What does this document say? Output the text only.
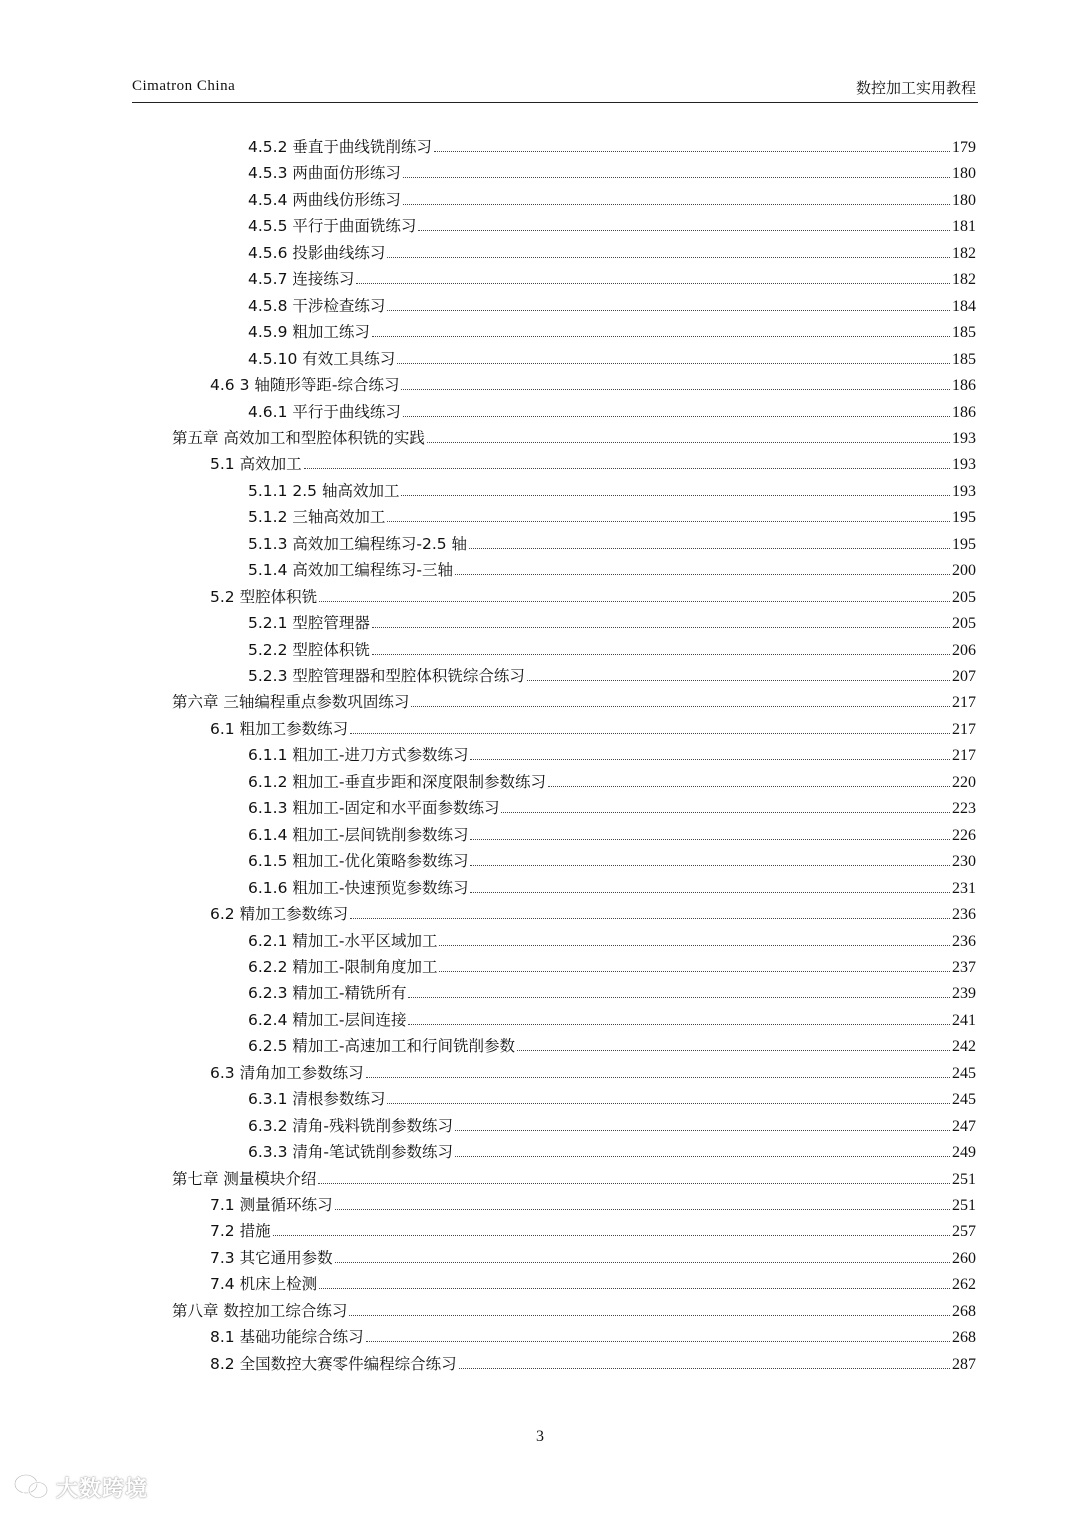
Cimatron China	数控加工实用教程
4.5.2 垂直于曲线铣削练习	179
4.5.3 两曲面仿形练习	180
4.5.4 两曲线仿形练习	180
4.5.5 平行于曲面铣练习	181
4.5.6 投影曲线练习	182
4.5.7 连接练习	182
4.5.8 干涉检查练习	184
4.5.9 粗加工练习	185
4.5.10 有效工具练习	185
4.6 3 轴随形等距-综合练习	186
4.6.1 平行于曲线练习	186
第五章 高效加工和型腔体积铣的实践	193
5.1 高效加工	193
5.1.1 2.5 轴高效加工	193
5.1.2 三轴高效加工	195
5.1.3 高效加工编程练习-2.5 轴	195
5.1.4 高效加工编程练习-三轴	200
5.2 型腔体积铣	205
5.2.1 型腔管理器	205
5.2.2 型腔体积铣	206
5.2.3 型腔管理器和型腔体积铣综合练习	207
第六章 三轴编程重点参数巩固练习	217
6.1 粗加工参数练习	217
6.1.1 粗加工-进刀方式参数练习	217
6.1.2 粗加工-垂直步距和深度限制参数练习	220
6.1.3 粗加工-固定和水平面参数练习	223
6.1.4 粗加工-层间铣削参数练习	226
6.1.5 粗加工-优化策略参数练习	230
6.1.6 粗加工-快速预览参数练习	231
6.2 精加工参数练习	236
6.2.1 精加工-水平区域加工	236
6.2.2 精加工-限制角度加工	237
6.2.3 精加工-精铣所有	239
6.2.4 精加工-层间连接	241
6.2.5 精加工-高速加工和行间铣削参数	242
6.3 清角加工参数练习	245
6.3.1 清根参数练习	245
6.3.2 清角-残料铣削参数练习	247
6.3.3 清角-笔试铣削参数练习	249
第七章 测量模块介绍	251
7.1 测量循环练习	251
7.2 措施	257
7.3 其它通用参数	260
7.4 机床上检测	262
第八章 数控加工综合练习	268
8.1 基础功能综合练习	268
8.2 全国数控大赛零件编程综合练习	287
3
大数跨境
